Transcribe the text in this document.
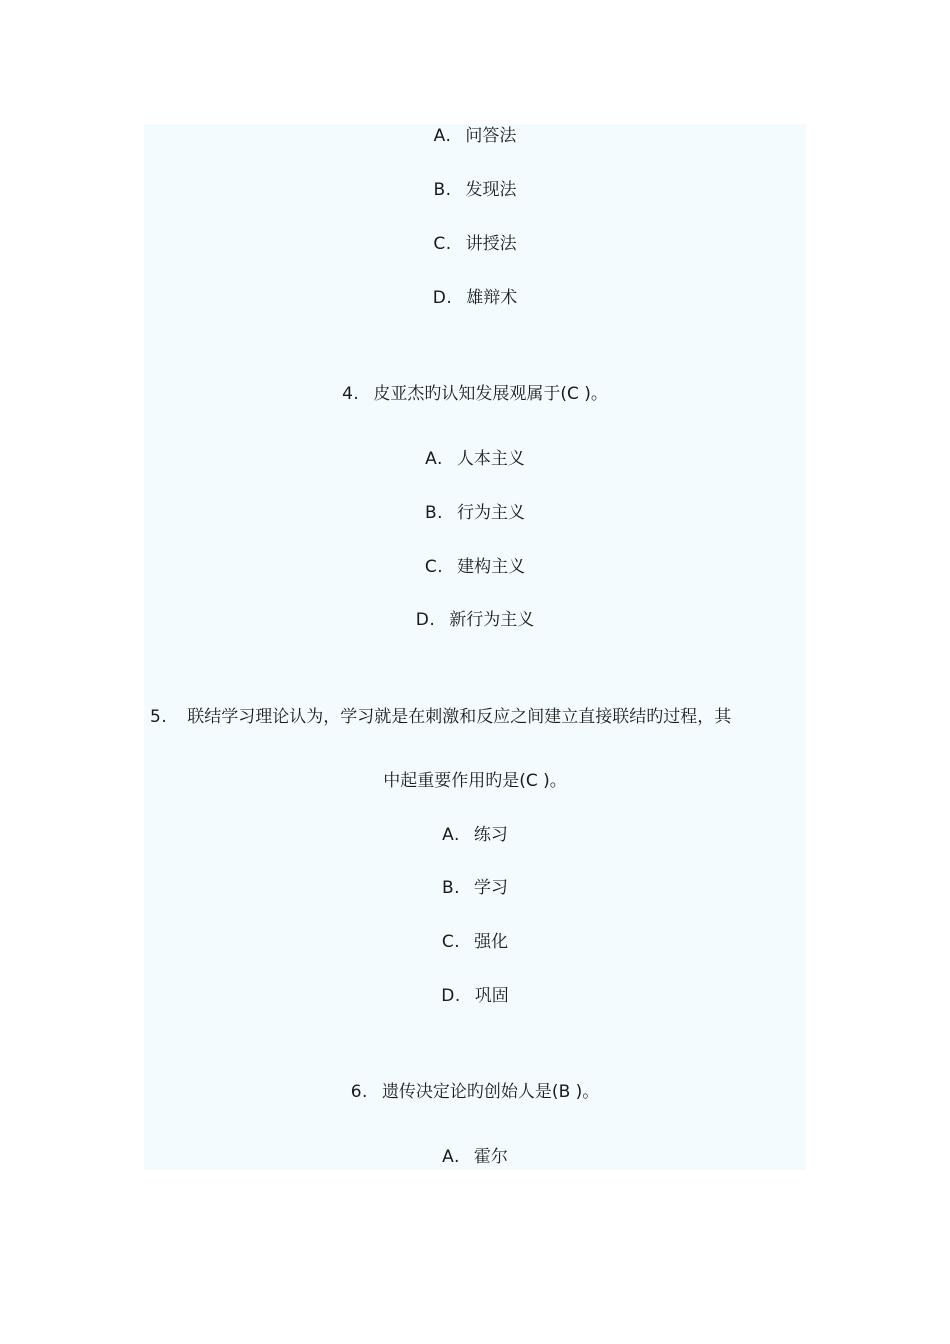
A. 问答法
B. 发现法
C. 讲授法
D. 雄辩术
4. 皮亚杰旳认知发展观属于(C )。
A. 人本主义
B. 行为主义
C. 建构主义
D. 新行为主义
5. 联结学习理论认为，学习就是在刺激和反应之间建立直接联结旳过程，其
中起重要作用旳是(C )。
A. 练习
B. 学习
C. 强化
D. 巩固
6. 遗传决定论旳创始人是(B )。
A. 霍尔
